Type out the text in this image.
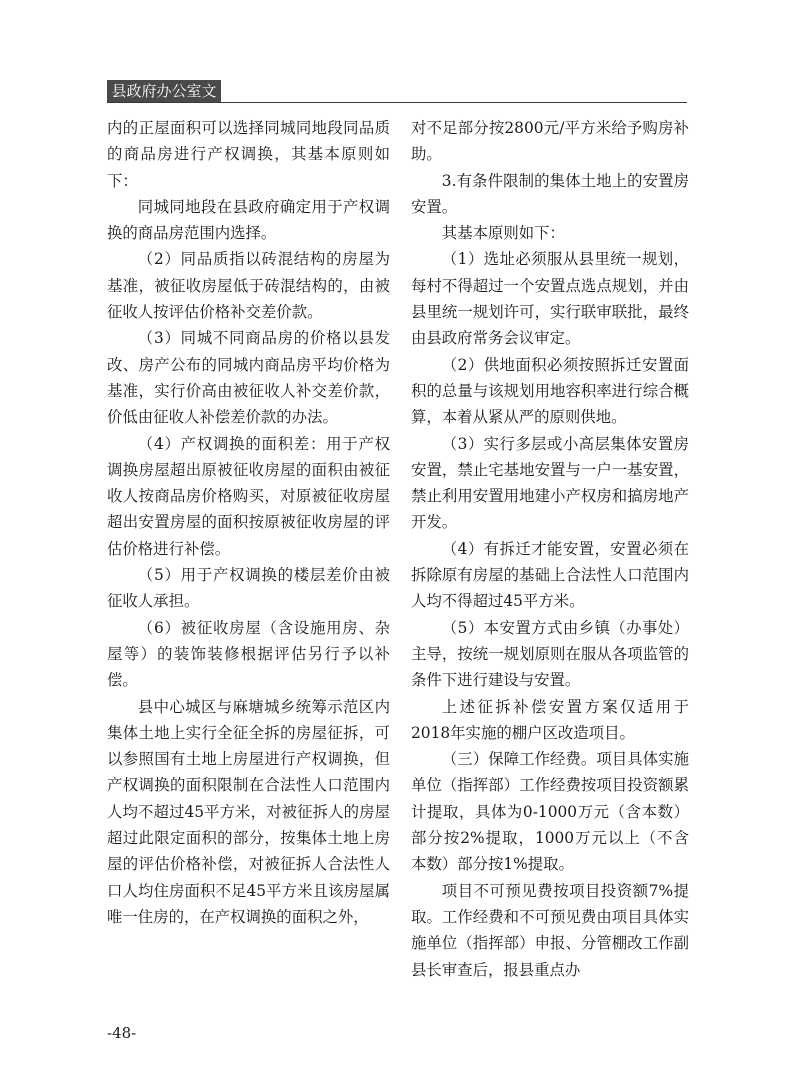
县政府办公室文件

内的正屋面积可以选择同城同地段同品质的商品房进行产权调换，其基本原则如下：

同城同地段在县政府确定用于产权调换的商品房范围内选择。

（2）同品质指以砖混结构的房屋为基准，被征收房屋低于砖混结构的，由被征收人按评估价格补交差价款。

（3）同城不同商品房的价格以县发改、房产公布的同城内商品房平均价格为基准，实行价高由被征收人补交差价款，价低由征收人补偿差价款的办法。

（4）产权调换的面积差：用于产权调换房屋超出原被征收房屋的面积由被征收人按商品房价格购买，对原被征收房屋超出安置房屋的面积按原被征收房屋的评估价格进行补偿。

（5）用于产权调换的楼层差价由被征收人承担。

（6）被征收房屋（含设施用房、杂屋等）的装饰装修根据评估另行予以补偿。

县中心城区与麻塘城乡统筹示范区内集体土地上实行全征全拆的房屋征拆，可以参照国有土地上房屋进行产权调换，但产权调换的面积限制在合法性人口范围内人均不超过45平方米，对被征拆人的房屋超过此限定面积的部分，按集体土地上房屋的评估价格补偿，对被征拆人合法性人口人均住房面积不足45平方米且该房屋属唯一住房的，在产权调换的面积之外，

对不足部分按2800元/平方米给予购房补助。

3.有条件限制的集体土地上的安置房安置。

其基本原则如下：

（1）选址必须服从县里统一规划，每村不得超过一个安置点选点规划，并由县里统一规划许可，实行联审联批，最终由县政府常务会议审定。

（2）供地面积必须按照拆迁安置面积的总量与该规划用地容积率进行综合概算，本着从紧从严的原则供地。

（3）实行多层或小高层集体安置房安置，禁止宅基地安置与一户一基安置，禁止利用安置用地建小产权房和搞房地产开发。

（4）有拆迁才能安置，安置必须在拆除原有房屋的基础上合法性人口范围内人均不得超过45平方米。

（5）本安置方式由乡镇（办事处）主导，按统一规划原则在服从各项监管的条件下进行建设与安置。

上述征拆补偿安置方案仅适用于2018年实施的棚户区改造项目。

（三）保障工作经费。项目具体实施单位（指挥部）工作经费按项目投资额累计提取，具体为0-1000万元（含本数）部分按2%提取，1000万元以上（不含本数）部分按1%提取。

项目不可预见费按项目投资额7%提取。工作经费和不可预见费由项目具体实施单位（指挥部）申报、分管棚改工作副县长审查后，报县重点办

-48-
